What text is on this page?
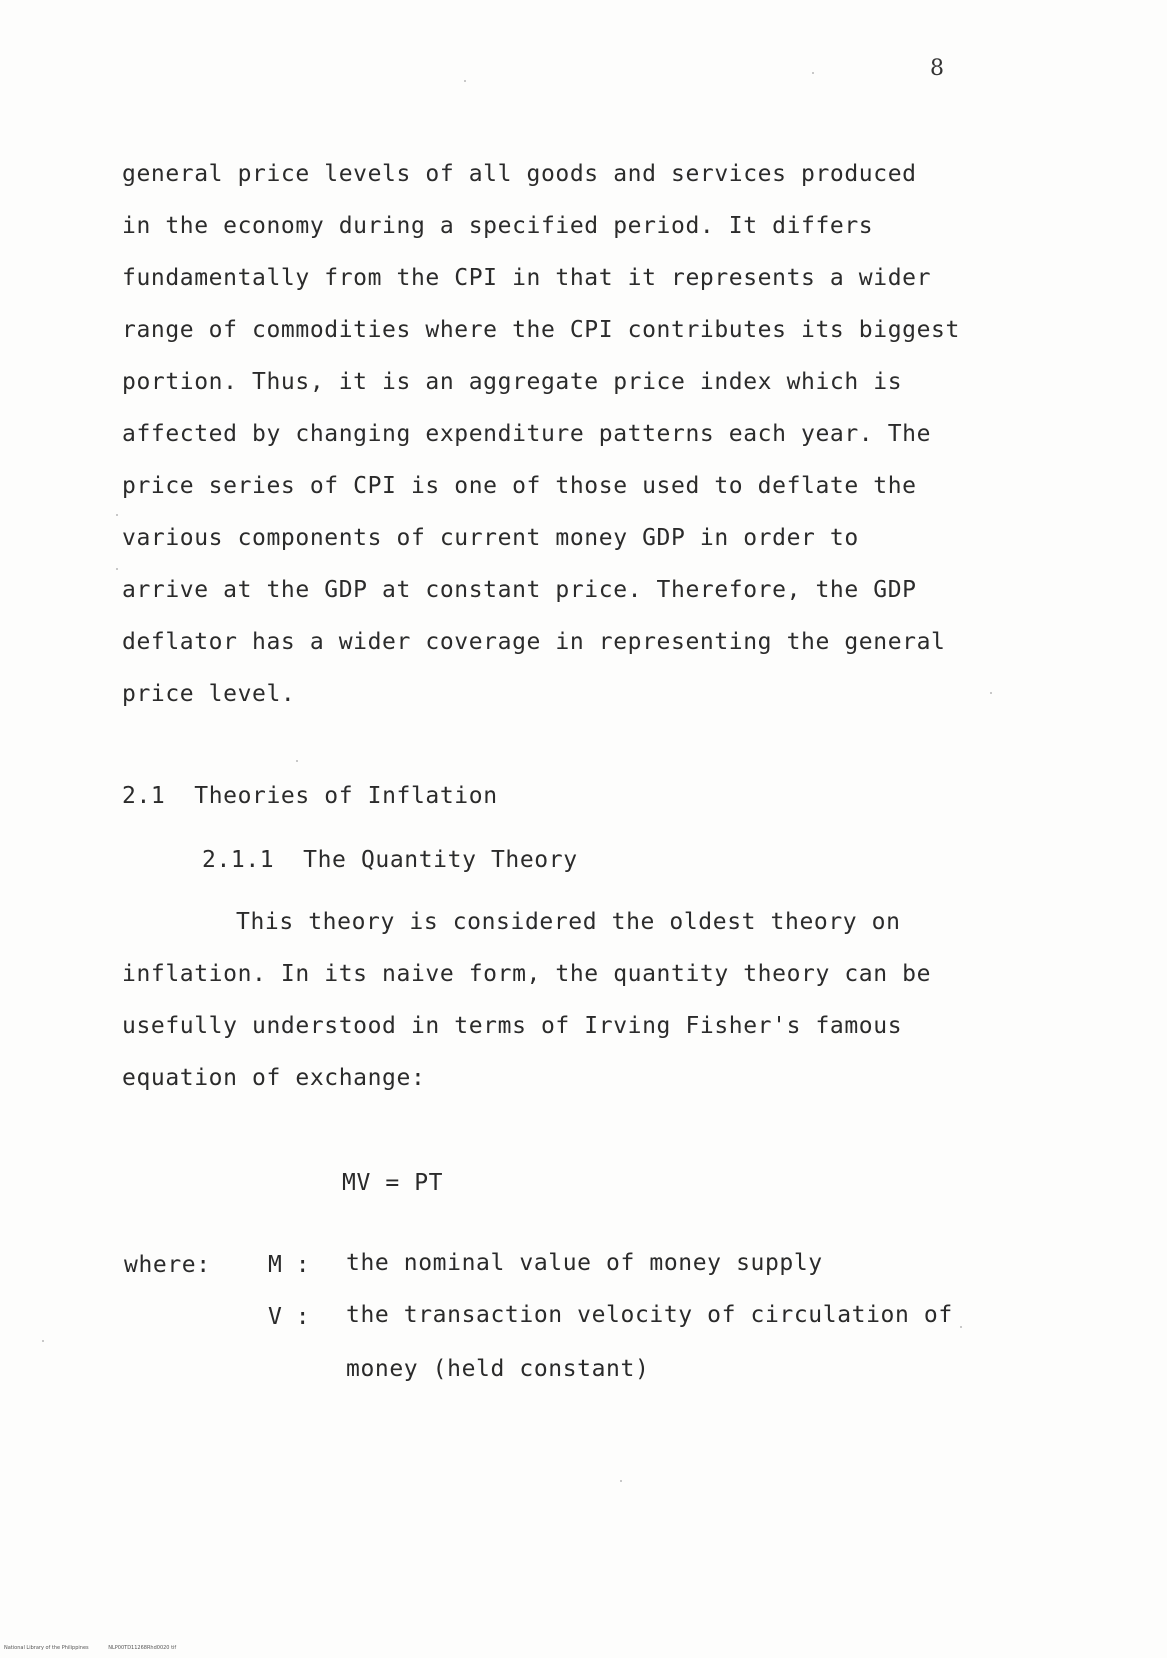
8
general price levels of all goods and services produced
in the economy during a specified period. It differs
fundamentally from the CPI in that it represents a wider
range of commodities where the CPI contributes its biggest
portion. Thus, it is an aggregate price index which is
affected by changing expenditure patterns each year. The
price series of CPI is one of those used to deflate the
various components of current money GDP in order to
arrive at the GDP at constant price. Therefore, the GDP
deflator has a wider coverage in representing the general
price level.
2.1 Theories of Inflation
2.1.1 The Quantity Theory
This theory is considered the oldest theory on
inflation. In its naive form, the quantity theory can be
usefully understood in terms of Irving Fisher's famous
equation of exchange:
MV = PT
where: M : the nominal value of money supply
V : the transaction velocity of circulation of
money (held constant)
National Library of the Philippines	NLP00TD11268Rhd0020 tif
